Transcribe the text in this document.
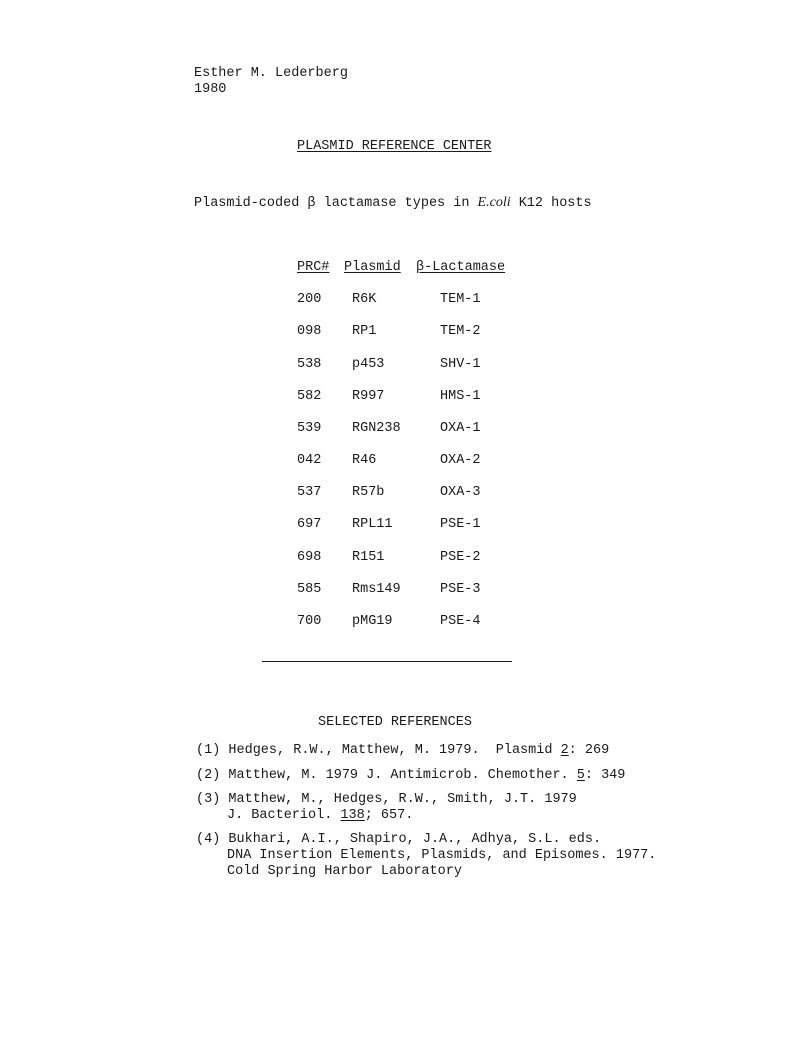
Esther M. Lederberg
1980
PLASMID REFERENCE CENTER
Plasmid-coded β lactamase types in E.coli K12 hosts
PRC# Plasmid β-Lactamase
200 R6K	TEM-1
098 RP1	TEM-2
538 p453	SHV-1
582 R997	HMS-1
539 RGN238	OXA-1
042 R46	OXA-2
537 R57b	OXA-3
697 RPL11	PSE-1
698 R151	PSE-2
585 Rms149	PSE-3
700 pMG19	PSE-4
SELECTED REFERENCES
(1) Hedges, R.W., Matthew, M. 1979.  Plasmid 2: 269
(2) Matthew, M. 1979 J. Antimicrob. Chemother. 5: 349
(3) Matthew, M., Hedges, R.W., Smith, J.T. 1979
J. Bacteriol. 138; 657.
(4) Bukhari, A.I., Shapiro, J.A., Adhya, S.L. eds.
DNA Insertion Elements, Plasmids, and Episomes. 1977.
Cold Spring Harbor Laboratory
